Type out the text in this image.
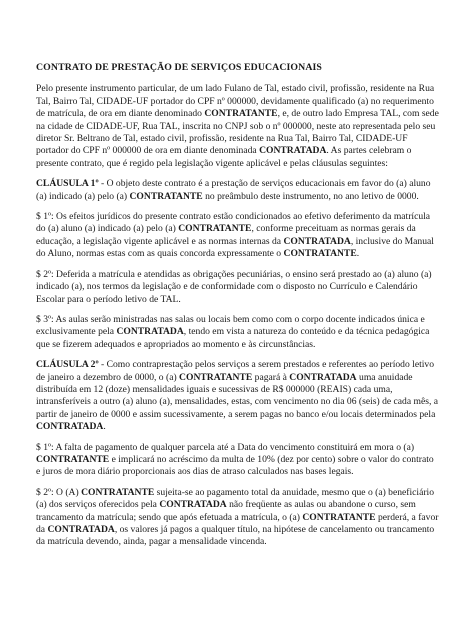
CONTRATO DE PRESTAÇÃO DE SERVIÇOS EDUCACIONAIS

Pelo presente instrumento particular, de um lado Fulano de Tal, estado civil, profissão, residente na Rua Tal, Bairro Tal, CIDADE-UF portador do CPF nº 000000, devidamente qualificado (a) no requerimento de matrícula, de ora em diante denominado CONTRATANTE, e, de outro lado Empresa TAL, com sede na cidade de CIDADE-UF, Rua TAL, inscrita no CNPJ sob o nº 000000, neste ato representada pelo seu diretor Sr. Beltrano de Tal, estado civil, profissão, residente na Rua Tal, Bairro Tal, CIDADE-UF portador do CPF nº 000000 de ora em diante denominada CONTRATADA. As partes celebram o presente contrato, que é regido pela legislação vigente aplicável e pelas cláusulas seguintes:

CLÁUSULA 1º - O objeto deste contrato é a prestação de serviços educacionais em favor do (a) aluno (a) indicado (a) pelo (a) CONTRATANTE no preâmbulo deste instrumento, no ano letivo de 0000.

$ 1º: Os efeitos jurídicos do presente contrato estão condicionados ao efetivo deferimento da matrícula do (a) aluno (a) indicado (a) pelo (a) CONTRATANTE, conforme preceituam as normas gerais da educação, a legislação vigente aplicável e as normas internas da CONTRATADA, inclusive do Manual do Aluno, normas estas com as quais concorda expressamente o CONTRATANTE.

$ 2º: Deferida a matrícula e atendidas as obrigações pecuniárias, o ensino será prestado ao (a) aluno (a) indicado (a), nos termos da legislação e de conformidade com o disposto no Currículo e Calendário Escolar para o período letivo de TAL.

$ 3º: As aulas serão ministradas nas salas ou locais bem como com o corpo docente indicados única e exclusivamente pela CONTRATADA, tendo em vista a natureza do conteúdo e da técnica pedagógica que se fizerem adequados e apropriados ao momento e às circunstâncias.

CLÁUSULA 2º - Como contraprestação pelos serviços a serem prestados e referentes ao período letivo de janeiro a dezembro de 0000, o (a) CONTRATANTE pagará à CONTRATADA uma anuidade distribuída em 12 (doze) mensalidades iguais e sucessivas de R$ 000000 (REAIS) cada uma, intransferíveis a outro (a) aluno (a), mensalidades, estas, com vencimento no dia 06 (seis) de cada mês, a partir de janeiro de 0000 e assim sucessivamente, a serem pagas no banco e/ou locais determinados pela CONTRATADA.

$ 1º: A falta de pagamento de qualquer parcela até a Data do vencimento constituirá em mora o (a) CONTRATANTE e implicará no acréscimo da multa de 10% (dez por cento) sobre o valor do contrato e juros de mora diário proporcionais aos dias de atraso calculados nas bases legais.

$ 2º: O (A) CONTRATANTE sujeita-se ao pagamento total da anuidade, mesmo que o (a) beneficiário (a) dos serviços oferecidos pela CONTRATADA não freqüente as aulas ou abandone o curso, sem trancamento da matrícula; sendo que após efetuada a matrícula, o (a) CONTRATANTE perderá, a favor da CONTRATADA, os valores já pagos a qualquer título, na hipótese de cancelamento ou trancamento da matrícula devendo, ainda, pagar a mensalidade vincenda.
